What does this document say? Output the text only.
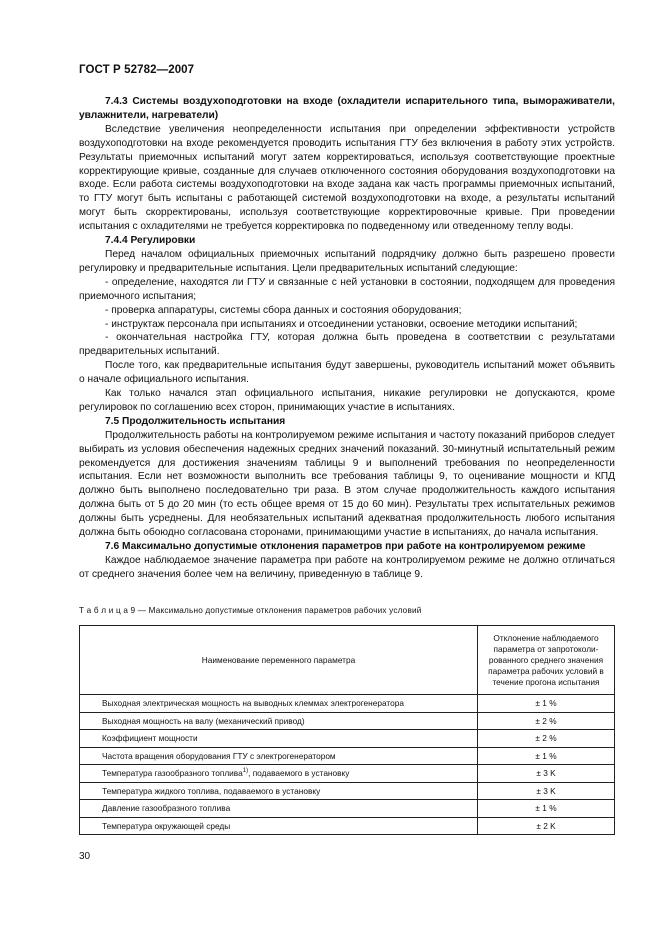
ГОСТ Р 52782—2007

7.4.3 Системы воздухоподготовки на входе (охладители испарительного типа, вымораживатели, увлажнители, нагреватели)

Вследствие увеличения неопределенности испытания при определении эффективности устройств воздухоподготовки на входе рекомендуется проводить испытания ГТУ без включения в работу этих устройств. Результаты приемочных испытаний могут затем корректироваться, используя соответствующие проектные корректирующие кривые, созданные для случаев отключенного состояния оборудования воздухоподготовки на входе. Если работа системы воздухоподготовки на входе задана как часть программы приемочных испытаний, то ГТУ могут быть испытаны с работающей системой воздухоподготовки на входе, а результаты испытаний могут быть скорректированы, используя соответствующие корректировочные кривые. При проведении испытания с охладителями не требуется корректировка по подведенному или отведенному теплу воды.

7.4.4 Регулировки

Перед началом официальных приемочных испытаний подрядчику должно быть разрешено провести регулировку и предварительные испытания. Цели предварительных испытаний следующие:

- определение, находятся ли ГТУ и связанные с ней установки в состоянии, подходящем для проведения приемочного испытания;

- проверка аппаратуры, системы сбора данных и состояния оборудования;

- инструктаж персонала при испытаниях и отсоединении установки, освоение методики испытаний;

- окончательная настройка ГТУ, которая должна быть проведена в соответствии с результатами предварительных испытаний.

После того, как предварительные испытания будут завершены, руководитель испытаний может объявить о начале официального испытания.

Как только начался этап официального испытания, никакие регулировки не допускаются, кроме регулировок по соглашению всех сторон, принимающих участие в испытаниях.

7.5 Продолжительность испытания

Продолжительность работы на контролируемом режиме испытания и частоту показаний приборов следует выбирать из условия обеспечения надежных средних значений показаний. 30-минутный испытательный режим рекомендуется для достижения значениям таблицы 9 и выполнений требования по неопределенности испытания. Если нет возможности выполнить все требования таблицы 9, то оценивание мощности и КПД должно быть выполнено последовательно три раза. В этом случае продолжительность каждого испытания должна быть от 5 до 20 мин (то есть общее время от 15 до 60 мин). Результаты трех испытательных режимов должны быть усреднены. Для необязательных испытаний адекватная продолжительность любого испытания должна быть обоюдно согласована сторонами, принимающими участие в испытаниях, до начала испытания.

7.6 Максимально допустимые отклонения параметров при работе на контролируемом режиме

Каждое наблюдаемое значение параметра при работе на контролируемом режиме не должно отличаться от среднего значения более чем на величину, приведенную в таблице 9.

Т а б л и ц а 9 — Максимально допустимые отклонения параметров рабочих условий
Наименование переменного параметра	Отклонение наблюдаемого параметра от запротоколированного среднего значения параметра рабочих условий в течение прогона испытания
Выходная электрическая мощность на выводных клеммах электрогенератора	± 1 %
Выходная мощность на валу (механический привод)	± 2 %
Коэффициент мощности	± 2 %
Частота вращения оборудования ГТУ с электрогенератором	± 1 %
Температура газообразного топлива$^{1)}$, подаваемого в установку	± 3 K
Температура жидкого топлива, подаваемого в установку	± 3 K
Давление газообразного топлива	± 1 %
Температура окружающей среды	± 2 K
30
